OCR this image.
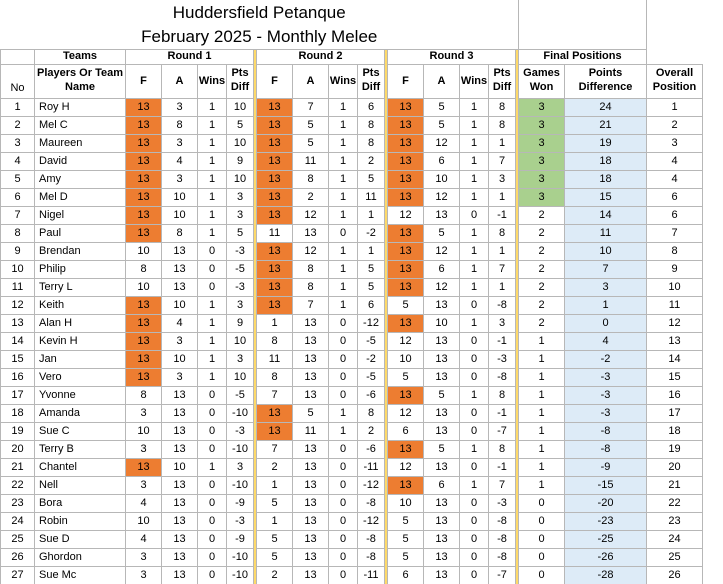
Huddersfield Petanque																			
February 2025 - Monthly Melee																			
	Teams	Round 1					Round 2					Round 3					Final Positions		
No	Players Or Team Name	F	A	Wins	Pts Diff		F	A	Wins	Pts Diff		F	A	Wins	Pts Diff		Games Won	Points Difference	Overall Position
1	Roy H	13	3	1	10		13	7	1	6		13	5	1	8		3	24	1
2	Mel C	13	8	1	5		13	5	1	8		13	5	1	8		3	21	2
3	Maureen	13	3	1	10		13	5	1	8		13	12	1	1		3	19	3
4	David	13	4	1	9		13	11	1	2		13	6	1	7		3	18	4
5	Amy	13	3	1	10		13	8	1	5		13	10	1	3		3	18	4
6	Mel D	13	10	1	3		13	2	1	11		13	12	1	1		3	15	6
7	Nigel	13	10	1	3		13	12	1	1		12	13	0	-1		2	14	6
8	Paul	13	8	1	5		11	13	0	-2		13	5	1	8		2	11	7
9	Brendan	10	13	0	-3		13	12	1	1		13	12	1	1		2	10	8
10	Philip	8	13	0	-5		13	8	1	5		13	6	1	7		2	7	9
11	Terry L	10	13	0	-3		13	8	1	5		13	12	1	1		2	3	10
12	Keith	13	10	1	3		13	7	1	6		5	13	0	-8		2	1	11
13	Alan H	13	4	1	9		1	13	0	-12		13	10	1	3		2	0	12
14	Kevin H	13	3	1	10		8	13	0	-5		12	13	0	-1		1	4	13
15	Jan	13	10	1	3		11	13	0	-2		10	13	0	-3		1	-2	14
16	Vero	13	3	1	10		8	13	0	-5		5	13	0	-8		1	-3	15
17	Yvonne	8	13	0	-5		7	13	0	-6		13	5	1	8		1	-3	16
18	Amanda	3	13	0	-10		13	5	1	8		12	13	0	-1		1	-3	17
19	Sue C	10	13	0	-3		13	11	1	2		6	13	0	-7		1	-8	18
20	Terry B	3	13	0	-10		7	13	0	-6		13	5	1	8		1	-8	19
21	Chantel	13	10	1	3		2	13	0	-11		12	13	0	-1		1	-9	20
22	Nell	3	13	0	-10		1	13	0	-12		13	6	1	7		1	-15	21
23	Bora	4	13	0	-9		5	13	0	-8		10	13	0	-3		0	-20	22
24	Robin	10	13	0	-3		1	13	0	-12		5	13	0	-8		0	-23	23
25	Sue D	4	13	0	-9		5	13	0	-8		5	13	0	-8		0	-25	24
26	Ghordon	3	13	0	-10		5	13	0	-8		5	13	0	-8		0	-26	25
27	Sue Mc	3	13	0	-10		2	13	0	-11		6	13	0	-7		0	-28	26
